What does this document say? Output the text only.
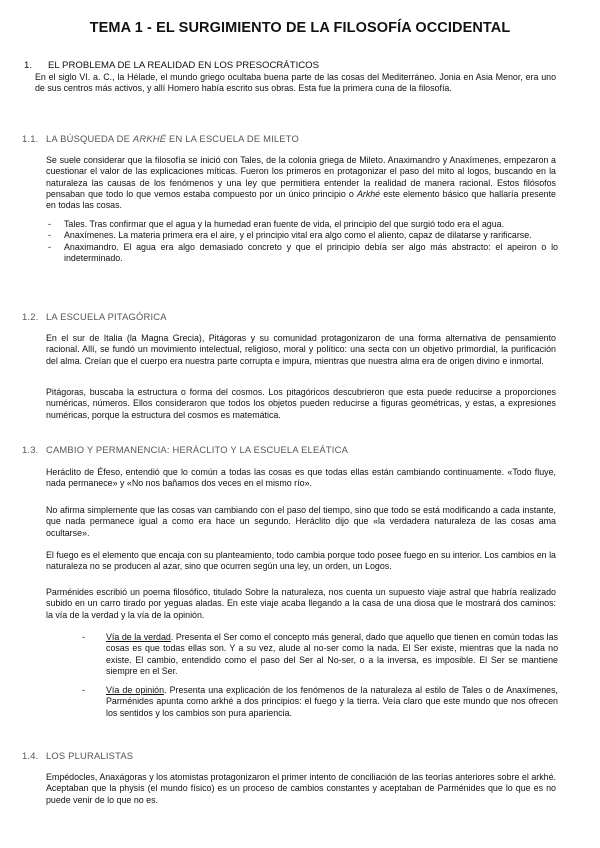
TEMA 1 - EL SURGIMIENTO DE LA FILOSOFÍA OCCIDENTAL
1. EL PROBLEMA DE LA REALIDAD EN LOS PRESOCRÁTICOS
En el siglo VI. a. C., la Hélade, el mundo griego ocultaba buena parte de las cosas del Mediterráneo. Jonia en Asia Menor, era uno de sus centros más activos, y allí Homero había escrito sus obras. Esta fue la primera cuna de la filosofía.
1.1. LA BÚSQUEDA DE ARKHÉ EN LA ESCUELA DE MILETO
Se suele considerar que la filosofía se inició con Tales, de la colonia griega de Mileto. Anaximandro y Anaxímenes, empezaron a cuestionar el valor de las explicaciones míticas. Fueron los primeros en protagonizar el paso del mito al logos, buscando en la naturaleza las causas de los fenómenos y una ley que permitiera entender la realidad de manera racional. Estos filósofos pensaban que todo lo que vemos estaba compuesto por un único principio o Arkhé este elemento básico que hallaría presente en todas las cosas.
- Tales. Tras confirmar que el agua y la humedad eran fuente de vida, el principio del que surgió todo era el agua.
- Anaxímenes. La materia primera era el aire, y el principio vital era algo como el aliento, capaz de dilatarse y rarificarse.
- Anaximandro. El agua era algo demasiado concreto y que el principio debía ser algo más abstracto: el apeiron o lo indeterminado.
1.2. LA ESCUELA PITAGÓRICA
En el sur de Italia (la Magna Grecia), Pitágoras y su comunidad protagonizaron de una forma alternativa de pensamiento racional. Allí, se fundó un movimiento intelectual, religioso, moral y político: una secta con un objetivo primordial, la purificación del alma. Creían que el cuerpo era nuestra parte corrupta e impura, mientras que nuestra alma era de origen divino e inmortal.
Pitágoras, buscaba la estructura o forma del cosmos. Los pitagóricos descubrieron que esta puede reducirse a proporciones numéricas, números. Ellos consideraron que todos los objetos pueden reducirse a figuras geométricas, y estas, a expresiones numéricas, porque la estructura del cosmos es matemática.
1.3. CAMBIO Y PERMANENCIA: HERÁCLITO Y LA ESCUELA ELEÁTICA
Heráclito de Éfeso, entendió que lo común a todas las cosas es que todas ellas están cambiando continuamente. «Todo fluye, nada permanece» y «No nos bañamos dos veces en el mismo río».
No afirma simplemente que las cosas van cambiando con el paso del tiempo, sino que todo se está modificando a cada instante, que nada permanece igual a como era hace un segundo. Heráclito dijo que «la verdadera naturaleza de las cosas ama ocultarse».
El fuego es el elemento que encaja con su planteamiento, todo cambia porque todo posee fuego en su interior. Los cambios en la naturaleza no se producen al azar, sino que ocurren según una ley, un orden, un Logos.
Parménides escribió un poema filosófico, titulado Sobre la naturaleza, nos cuenta un supuesto viaje astral que habría realizado subido en un carro tirado por yeguas aladas. En este viaje acaba llegando a la casa de una diosa que le mostrará dos caminos: la vía de la verdad y la vía de la opinión.
- Vía de la verdad. Presenta el Ser como el concepto más general, dado que aquello que tienen en común todas las cosas es que todas ellas son. Y a su vez, alude al no-ser como la nada. El Ser existe, mientras que la nada no existe. El cambio, entendido como el paso del Ser al No-ser, o a la inversa, es imposible. El Ser se mantiene siempre en el Ser.
- Vía de opinión. Presenta una explicación de los fenómenos de la naturaleza al estilo de Tales o de Anaxímenes, Parménides apunta como arkhé a dos principios: el fuego y la tierra. Veía claro que este mundo que nos ofrecen los sentidos y los cambios son pura apariencia.
1.4. LOS PLURALISTAS
Empédocles, Anaxágoras y los atomistas protagonizaron el primer intento de conciliación de las teorías anteriores sobre el arkhé. Aceptaban que la physis (el mundo físico) es un proceso de cambios constantes y aceptaban de Parménides que lo que es no puede venir de lo que no es.
